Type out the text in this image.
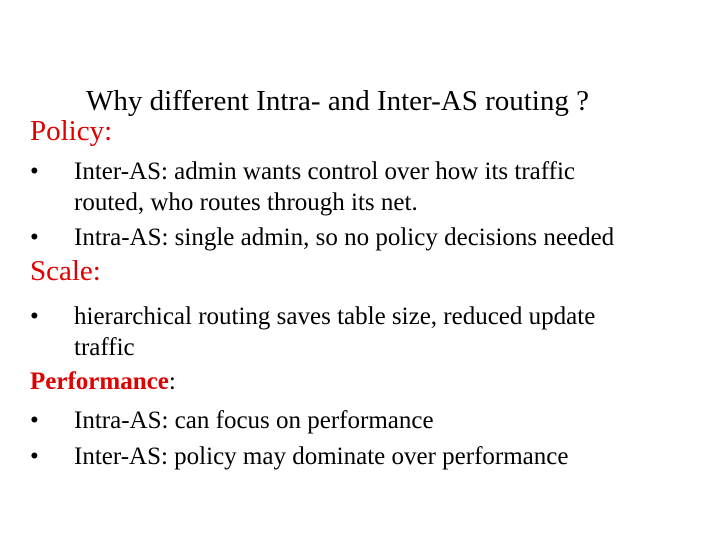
Why different Intra- and Inter-AS routing ?
Policy:
• Inter-AS: admin wants control over how its traffic
routed, who routes through its net.
• Intra-AS: single admin, so no policy decisions needed
Scale:
• hierarchical routing saves table size, reduced update
traffic
Performance:
• Intra-AS: can focus on performance
• Inter-AS: policy may dominate over performance
